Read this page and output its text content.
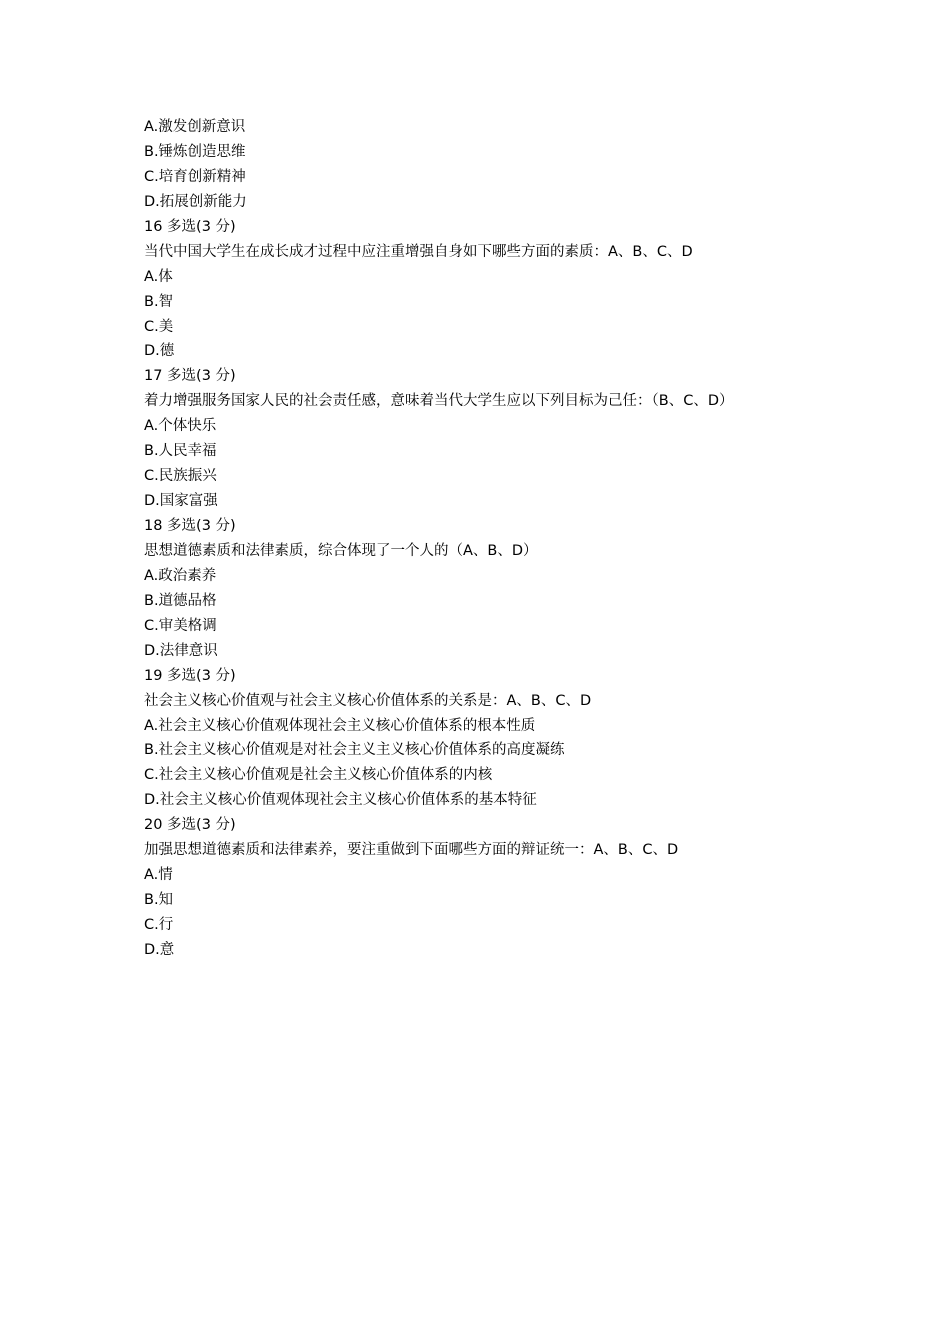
A.激发创新意识
B.锤炼创造思维
C.培育创新精神
D.拓展创新能力
16 多选(3 分)
当代中国大学生在成长成才过程中应注重增强自身如下哪些方面的素质：A、B、C、D
A.体
B.智
C.美
D.德
17 多选(3 分)
着力增强服务国家人民的社会责任感，意味着当代大学生应以下列目标为己任：（B、C、D）
A.个体快乐
B.人民幸福
C.民族振兴
D.国家富强
18 多选(3 分)
思想道德素质和法律素质，综合体现了一个人的（A、B、D）
A.政治素养
B.道德品格
C.审美格调
D.法律意识
19 多选(3 分)
社会主义核心价值观与社会主义核心价值体系的关系是：A、B、C、D
A.社会主义核心价值观体现社会主义核心价值体系的根本性质
B.社会主义核心价值观是对社会主义主义核心价值体系的高度凝练
C.社会主义核心价值观是社会主义核心价值体系的内核
D.社会主义核心价值观体现社会主义核心价值体系的基本特征
20 多选(3 分)
加强思想道德素质和法律素养，要注重做到下面哪些方面的辩证统一：A、B、C、D
A.情
B.知
C.行
D.意
